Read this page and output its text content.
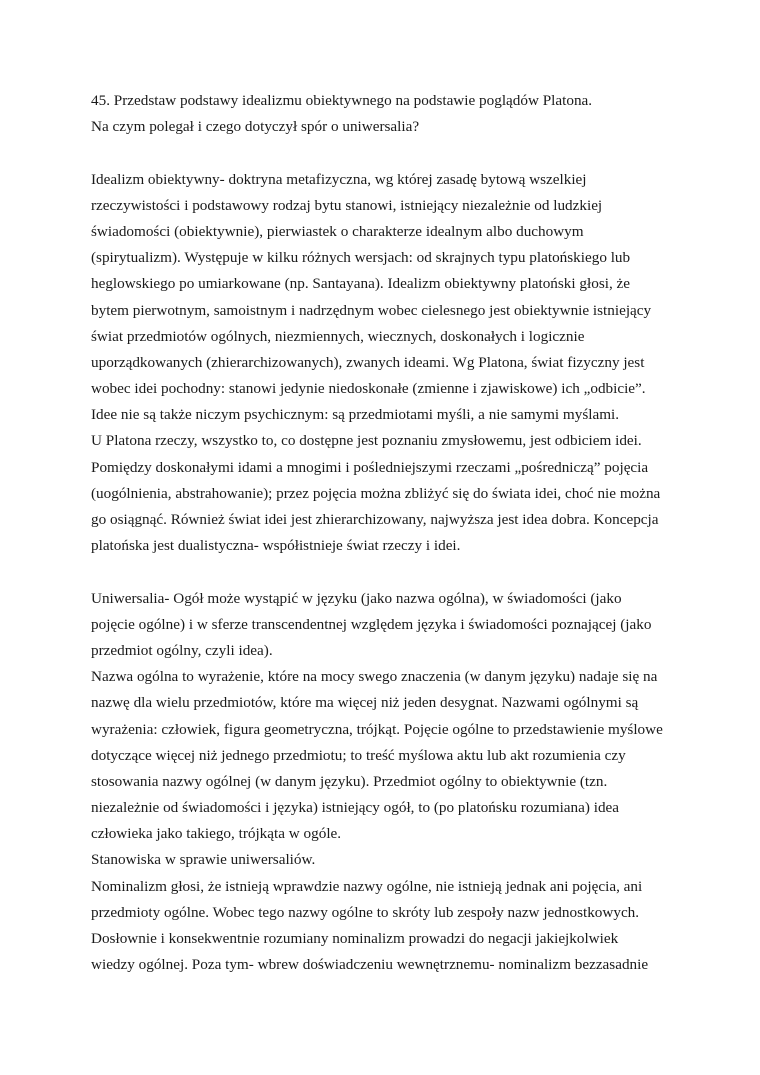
45. Przedstaw podstawy idealizmu obiektywnego na podstawie poglądów Platona.
Na czym polegał i czego dotyczył spór o uniwersalia?
Idealizm obiektywny- doktryna metafizyczna, wg której zasadę bytową wszelkiej
rzeczywistości i podstawowy rodzaj bytu stanowi, istniejący niezależnie od ludzkiej
świadomości (obiektywnie), pierwiastek o charakterze idealnym albo duchowym
(spirytualizm). Występuje w kilku różnych wersjach: od skrajnych typu platońskiego lub
heglowskiego po umiarkowane (np. Santayana). Idealizm obiektywny platoński głosi, że
bytem pierwotnym, samoistnym i nadrzędnym wobec cielesnego jest obiektywnie istniejący
świat przedmiotów ogólnych, niezmiennych, wiecznych, doskonałych i logicznie
uporządkowanych (zhierarchizowanych), zwanych ideami. Wg Platona, świat fizyczny jest
wobec idei pochodny: stanowi jedynie niedoskonałe (zmienne i zjawiskowe) ich „odbicie”.
Idee nie są także niczym psychicznym: są przedmiotami myśli, a nie samymi myślami.
U Platona rzeczy, wszystko to, co dostępne jest poznaniu zmysłowemu, jest odbiciem idei.
Pomiędzy doskonałymi idami a mnogimi i pośledniejszymi rzeczami „pośredniczą” pojęcia
(uogólnienia, abstrahowanie); przez pojęcia można zbliżyć się do świata idei, choć nie można
go osiągnąć. Również świat idei jest zhierarchizowany, najwyższa jest idea dobra. Koncepcja
platońska jest dualistyczna- współistnieje świat rzeczy i idei.
Uniwersalia- Ogół może wystąpić w języku (jako nazwa ogólna), w świadomości (jako
pojęcie ogólne) i w sferze transcendentnej względem języka i świadomości poznającej (jako
przedmiot ogólny, czyli idea).
Nazwa ogólna to wyrażenie, które na mocy swego znaczenia (w danym języku) nadaje się na
nazwę dla wielu przedmiotów, które ma więcej niż jeden desygnat. Nazwami ogólnymi są
wyrażenia: człowiek, figura geometryczna, trójkąt. Pojęcie ogólne to przedstawienie myślowe
dotyczące więcej niż jednego przedmiotu; to treść myślowa aktu lub akt rozumienia czy
stosowania nazwy ogólnej (w danym języku). Przedmiot ogólny to obiektywnie (tzn.
niezależnie od świadomości i języka) istniejący ogół, to (po platońsku rozumiana) idea
człowieka jako takiego, trójkąta w ogóle.
Stanowiska w sprawie uniwersaliów.
Nominalizm głosi, że istnieją wprawdzie nazwy ogólne, nie istnieją jednak ani pojęcia, ani
przedmioty ogólne. Wobec tego nazwy ogólne to skróty lub zespoły nazw jednostkowych.
Dosłownie i konsekwentnie rozumiany nominalizm prowadzi do negacji jakiejkolwiek
wiedzy ogólnej. Poza tym- wbrew doświadczeniu wewnętrznemu- nominalizm bezzasadnie
